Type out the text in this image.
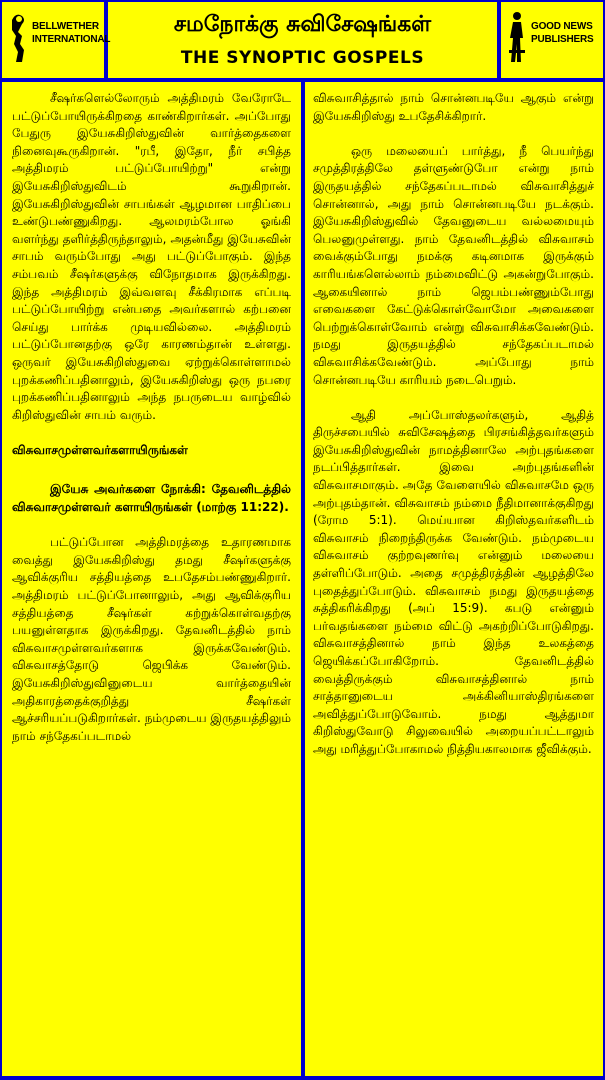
BELLWETHER
INTERNATIONAL
சமநோக்கு சுவிசேஷங்கள்
THE SYNOPTIC GOSPELS
GOOD NEWS
PUBLISHERS

சீஷர்களெல்லோரும் அத்திமரம் வேரோடே பட்டுப்போயிருக்கிறதை காண்கிறார்கள். அப்போது பேதுரு இயேசுகிறிஸ்துவின் வார்த்தைகளை நினைவுகூருகிறான். "ரபீ, இதோ, நீர் சபித்த அத்திமரம் பட்டுப்போயிற்று" என்று இயேசுகிறிஸ்துவிடம் கூறுகிறான். இயேசுகிறிஸ்துவின் சாபங்கள் ஆழமான பாதிப்பை உண்டுபண்ணுகிறது. ஆலமரம்போல ஓங்கி வளர்ந்து தளிர்த்திருந்தாலும், அதன்மீது இயேசுவின் சாபம் வரும்போது அது பட்டுப்போகும். இந்த சம்பவம் சீஷர்களுக்கு விநோதமாக இருக்கிறது. இந்த அத்திமரம் இவ்வளவு சீக்கிரமாக எப்படி பட்டுப்போயிற்று என்பதை அவர்களால் கற்பனை செய்து பார்க்க முடியவில்லை. அத்திமரம் பட்டுப்போனதற்கு ஒரே காரணம்தான் உள்ளது. ஒருவர் இயேசுகிறிஸ்துவை ஏற்றுக்கொள்ளாமல் புறக்கணிப்பதினாலும், இயேசுகிறிஸ்து ஒரு நபரை புறக்கணிப்பதினாலும் அந்த நபருடைய வாழ்வில் கிறிஸ்துவின் சாபம் வரும்.

விசுவாசமுள்ளவர்களாயிருங்கள்

இயேசு அவர்களை நோக்கி: தேவனிடத்தில் விசுவாசமுள்ளவர் களாயிருங்கள் (மாற்கு 11:22).

பட்டுப்போன அத்திமரத்தை உதாரணமாக வைத்து இயேசுகிறிஸ்து தமது சீஷர்களுக்கு ஆவிக்குரிய சத்தியத்தை உபதேசம்பண்ணுகிறார். அத்திமரம் பட்டுப்போனாலும், அது ஆவிக்குரிய சத்தியத்தை சீஷர்கள் கற்றுக்கொள்வதற்கு பயனுள்ளதாக இருக்கிறது. தேவனிடத்தில் நாம் விசுவாசமுள்ளவர்களாக இருக்கவேண்டும். விசுவாசத்தோடு ஜெபிக்க வேண்டும். இயேசுகிறிஸ்துவினுடைய வார்த்தையின் அதிகாரத்தைக்குறித்து சீஷர்கள் ஆச்சரியப்படுகிறார்கள். நம்முடைய இருதயத்திலும் நாம் சந்தேகப்படாமல்

விசுவாசித்தால் நாம் சொன்னபடியே ஆகும் என்று இயேசுகிறிஸ்து உபதேசிக்கிறார்.

ஒரு மலையைப் பார்த்து, நீ பெயர்ந்து சமுத்திரத்திலே தள்ளுண்டுபோ என்று நாம் இருதயத்தில் சந்தேகப்படாமல் விசுவாசித்துச் சொன்னால், அது நாம் சொன்னபடியே நடக்கும். இயேசுகிறிஸ்துவில் தேவனுடைய வல்லமையும் பெலனுமுள்ளது. நாம் தேவனிடத்தில் விசுவாசம் வைக்கும்போது நமக்கு கடினமாக இருக்கும் காரியங்களெல்லாம் நம்மைவிட்டு அகன்றுபோகும். ஆகையினால் நாம் ஜெபம்பண்ணும்போது எவைகளை கேட்டுக்கொள்வோமோ அவைகளை பெற்றுக்கொள்வோம் என்று விசுவாசிக்கவேண்டும். நமது இருதயத்தில் சந்தேகப்படாமல் விசுவாசிக்கவேண்டும். அப்போது நாம் சொன்னபடியே காரியம் நடைபெறும்.

ஆதி அப்போஸ்தலர்களும், ஆதித் திருச்சபையில் சுவிசேஷத்தை பிரசங்கித்தவர்களும் இயேசுகிறிஸ்துவின் நாமத்தினாலே அற்புதங்களை நடப்பித்தார்கள். இவை அற்புதங்களின் விசுவாசமாகும். அதே வேளையில் விசுவாசமே ஒரு அற்புதம்தான். விசுவாசம் நம்மை நீதிமானாக்குகிறது (ரோம 5:1). மெய்யான கிறிஸ்தவர்களிடம் விசுவாசம் நிறைந்திருக்க வேண்டும். நம்முடைய விசுவாசம் குற்றவுணர்வு என்னும் மலையை தள்ளிப்போடும். அதை சமுத்திரத்தின் ஆழத்திலே புதைத்துப்போடும். விசுவாசம் நமது இருதயத்தை சுத்திகரிக்கிறது (அப் 15:9). கபடு என்னும் பர்வதங்களை நம்மை விட்டு அகற்றிப்போடுகிறது. விசுவாசத்தினால் நாம் இந்த உலகத்தை ஜெயிக்கப்போகிறோம். தேவனிடத்தில் வைத்திருக்கும் விசுவாசத்தினால் நாம் சாத்தானுடைய அக்கினியாஸ்திரங்களை அவித்துப்போடுவோம். நமது ஆத்துமா கிறிஸ்துவோடு சிலுவையில் அறையப்பட்டாலும் அது மரித்துப்போகாமல் நித்தியகாலமாக ஜீவிக்கும்.
